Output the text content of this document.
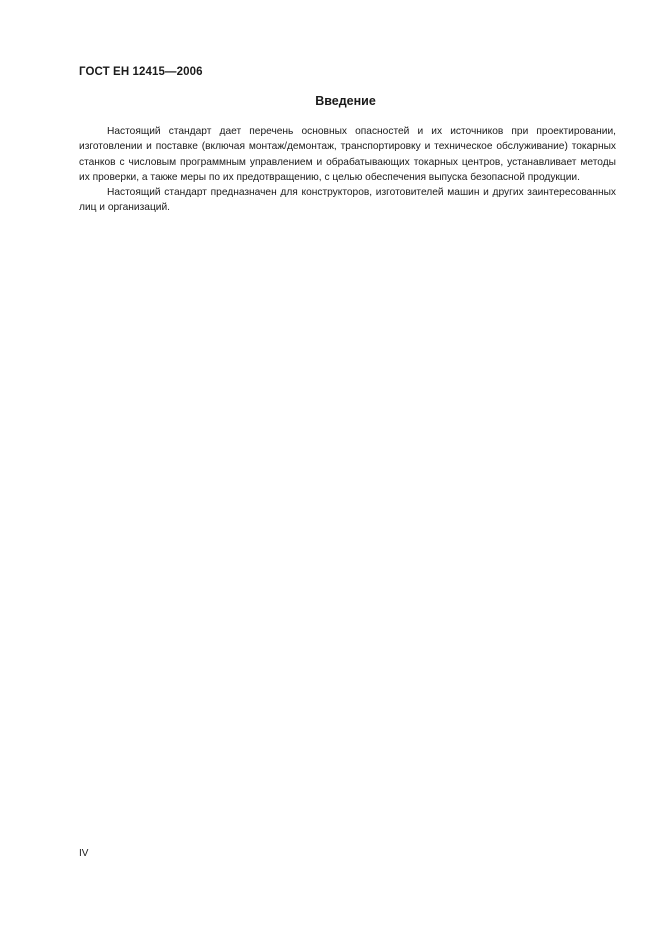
ГОСТ ЕН 12415—2006
Введение

Настоящий стандарт дает перечень основных опасностей и их источников при проектировании, изготовлении и поставке (включая монтаж/демонтаж, транспортировку и техническое обслуживание) токарных станков с числовым программным управлением и обрабатывающих токарных центров, устанавливает методы их проверки, а также меры по их предотвращению, с целью обеспечения выпуска безопасной продукции.

Настоящий стандарт предназначен для конструкторов, изготовителей машин и других заинтересованных лиц и организаций.

IV
